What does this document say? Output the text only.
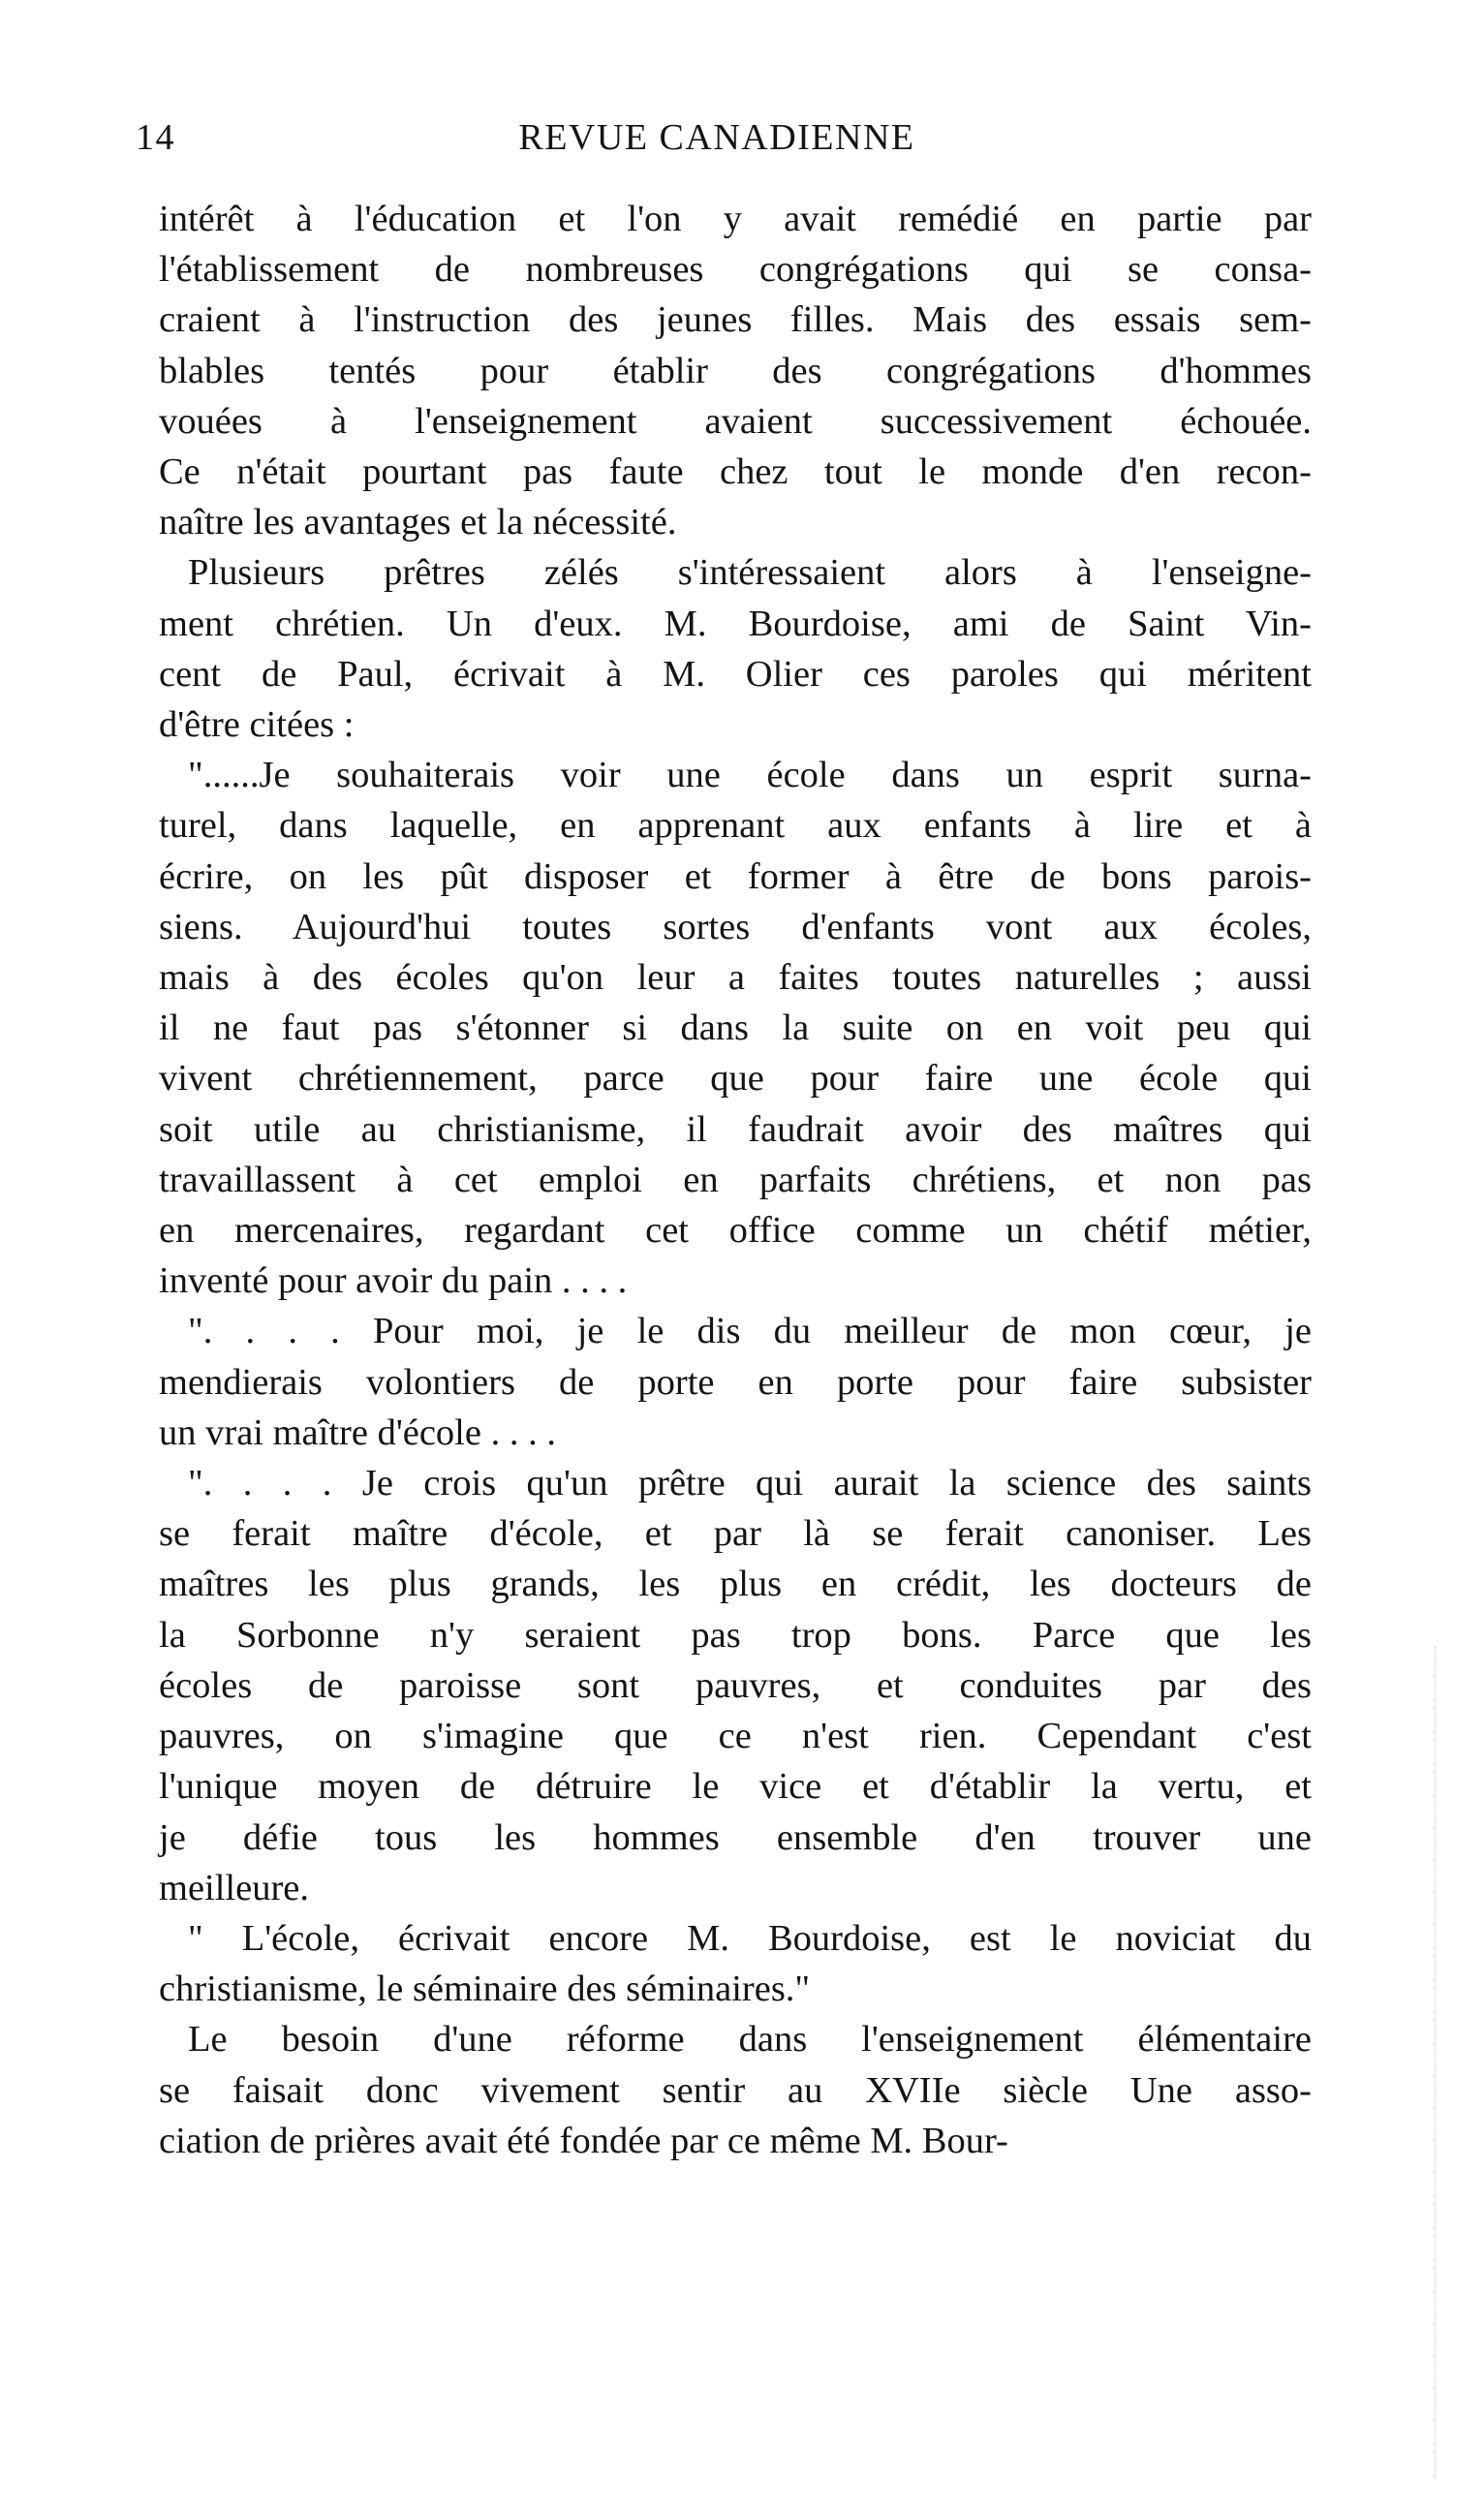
14	REVUE CANADIENNE
intérêt à l'éducation et l'on y avait remédié en partie par
l'établissement de nombreuses congrégations qui se consa-
craient à l'instruction des jeunes filles. Mais des essais sem-
blables tentés pour établir des congrégations d'hommes
vouées à l'enseignement avaient successivement échouée.
Ce n'était pourtant pas faute chez tout le monde d'en recon-
naître les avantages et la nécessité.
Plusieurs prêtres zélés s'intéressaient alors à l'enseigne-
ment chrétien. Un d'eux. M. Bourdoise, ami de Saint Vin-
cent de Paul, écrivait à M. Olier ces paroles qui méritent
d'être citées :
"......Je souhaiterais voir une école dans un esprit surna-
turel, dans laquelle, en apprenant aux enfants à lire et à
écrire, on les pût disposer et former à être de bons parois-
siens. Aujourd'hui toutes sortes d'enfants vont aux écoles,
mais à des écoles qu'on leur a faites toutes naturelles ; aussi
il ne faut pas s'étonner si dans la suite on en voit peu qui
vivent chrétiennement, parce que pour faire une école qui
soit utile au christianisme, il faudrait avoir des maîtres qui
travaillassent à cet emploi en parfaits chrétiens, et non pas
en mercenaires, regardant cet office comme un chétif métier,
inventé pour avoir du pain . . . .
". . . . Pour moi, je le dis du meilleur de mon cœur, je
mendierais volontiers de porte en porte pour faire subsister
un vrai maître d'école . . . .
". . . . Je crois qu'un prêtre qui aurait la science des saints
se ferait maître d'école, et par là se ferait canoniser. Les
maîtres les plus grands, les plus en crédit, les docteurs de
la Sorbonne n'y seraient pas trop bons. Parce que les
écoles de paroisse sont pauvres, et conduites par des
pauvres, on s'imagine que ce n'est rien. Cependant c'est
l'unique moyen de détruire le vice et d'établir la vertu, et
je défie tous les hommes ensemble d'en trouver une
meilleure.
" L'école, écrivait encore M. Bourdoise, est le noviciat du
christianisme, le séminaire des séminaires."
Le besoin d'une réforme dans l'enseignement élémentaire
se faisait donc vivement sentir au XVIIe siècle Une asso-
ciation de prières avait été fondée par ce même M. Bour-
